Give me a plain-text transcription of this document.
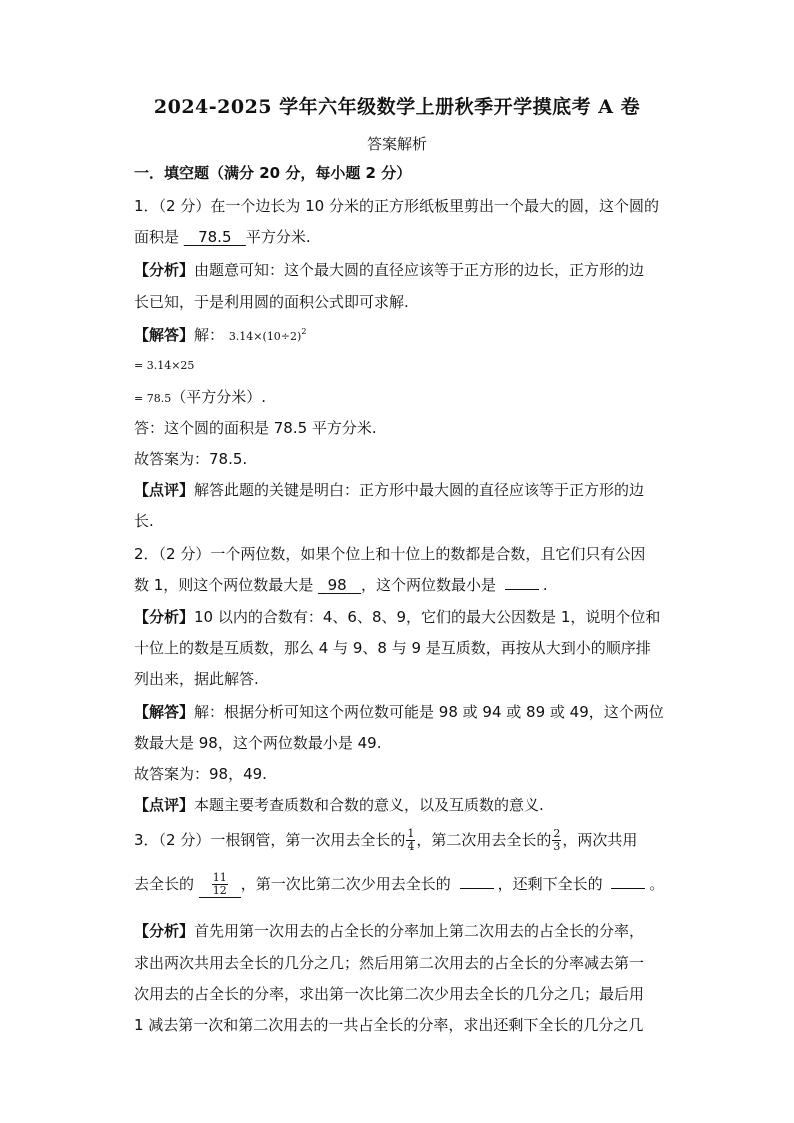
2024-2025 学年六年级数学上册秋季开学摸底考 A 卷
答案解析
一．填空题（满分 20 分，每小题 2 分）
1．（2 分）在一个边长为 10 分米的正方形纸板里剪出一个最大的圆，这个圆的
面积是    78.5 平方分米.
【分析】由题意可知：这个最大圆的直径应该等于正方形的边长，正方形的边
长已知，于是利用圆的面积公式即可求解.
【解答】解： $3.14\times(10\div 2)^2$
= 3.14×25
= 78.5（平方分米）.
答：这个圆的面积是 78.5 平方分米.
故答案为：78.5.
【点评】解答此题的关键是明白：正方形中最大圆的直径应该等于正方形的边
长.
2．（2 分）一个两位数，如果个位上和十位上的数都是合数，且它们只有公因
数 1，则这个两位数最大是   98 ，这个两位数最小是	.
【分析】10 以内的合数有：4、6、8、9，它们的最大公因数是 1，说明个位和
十位上的数是互质数，那么 4 与 9、8 与 9 是互质数，再按从大到小的顺序排
列出来，据此解答.
【解答】解：根据分析可知这个两位数可能是 98 或 94 或 89 或 49，这个两位
数最大是 98，这个两位数最小是 49.
故答案为：98，49.
【点评】本题主要考查质数和合数的意义，以及互质数的意义.
3．（2 分）一根钢管，第一次用去全长的 $\frac{1}{4}$ ，第二次用去全长的 $\frac{2}{3}$ ，两次共用
去全长的 $\frac{11}{12}$ ，第一次比第二次少用去全长的	，还剩下全长的	。
【分析】首先用第一次用去的占全长的分率加上第二次用去的占全长的分率，
求出两次共用去全长的几分之几；然后用第二次用去的占全长的分率减去第一
次用去的占全长的分率，求出第一次比第二次少用去全长的几分之几；最后用
1 减去第一次和第二次用去的一共占全长的分率，求出还剩下全长的几分之几
